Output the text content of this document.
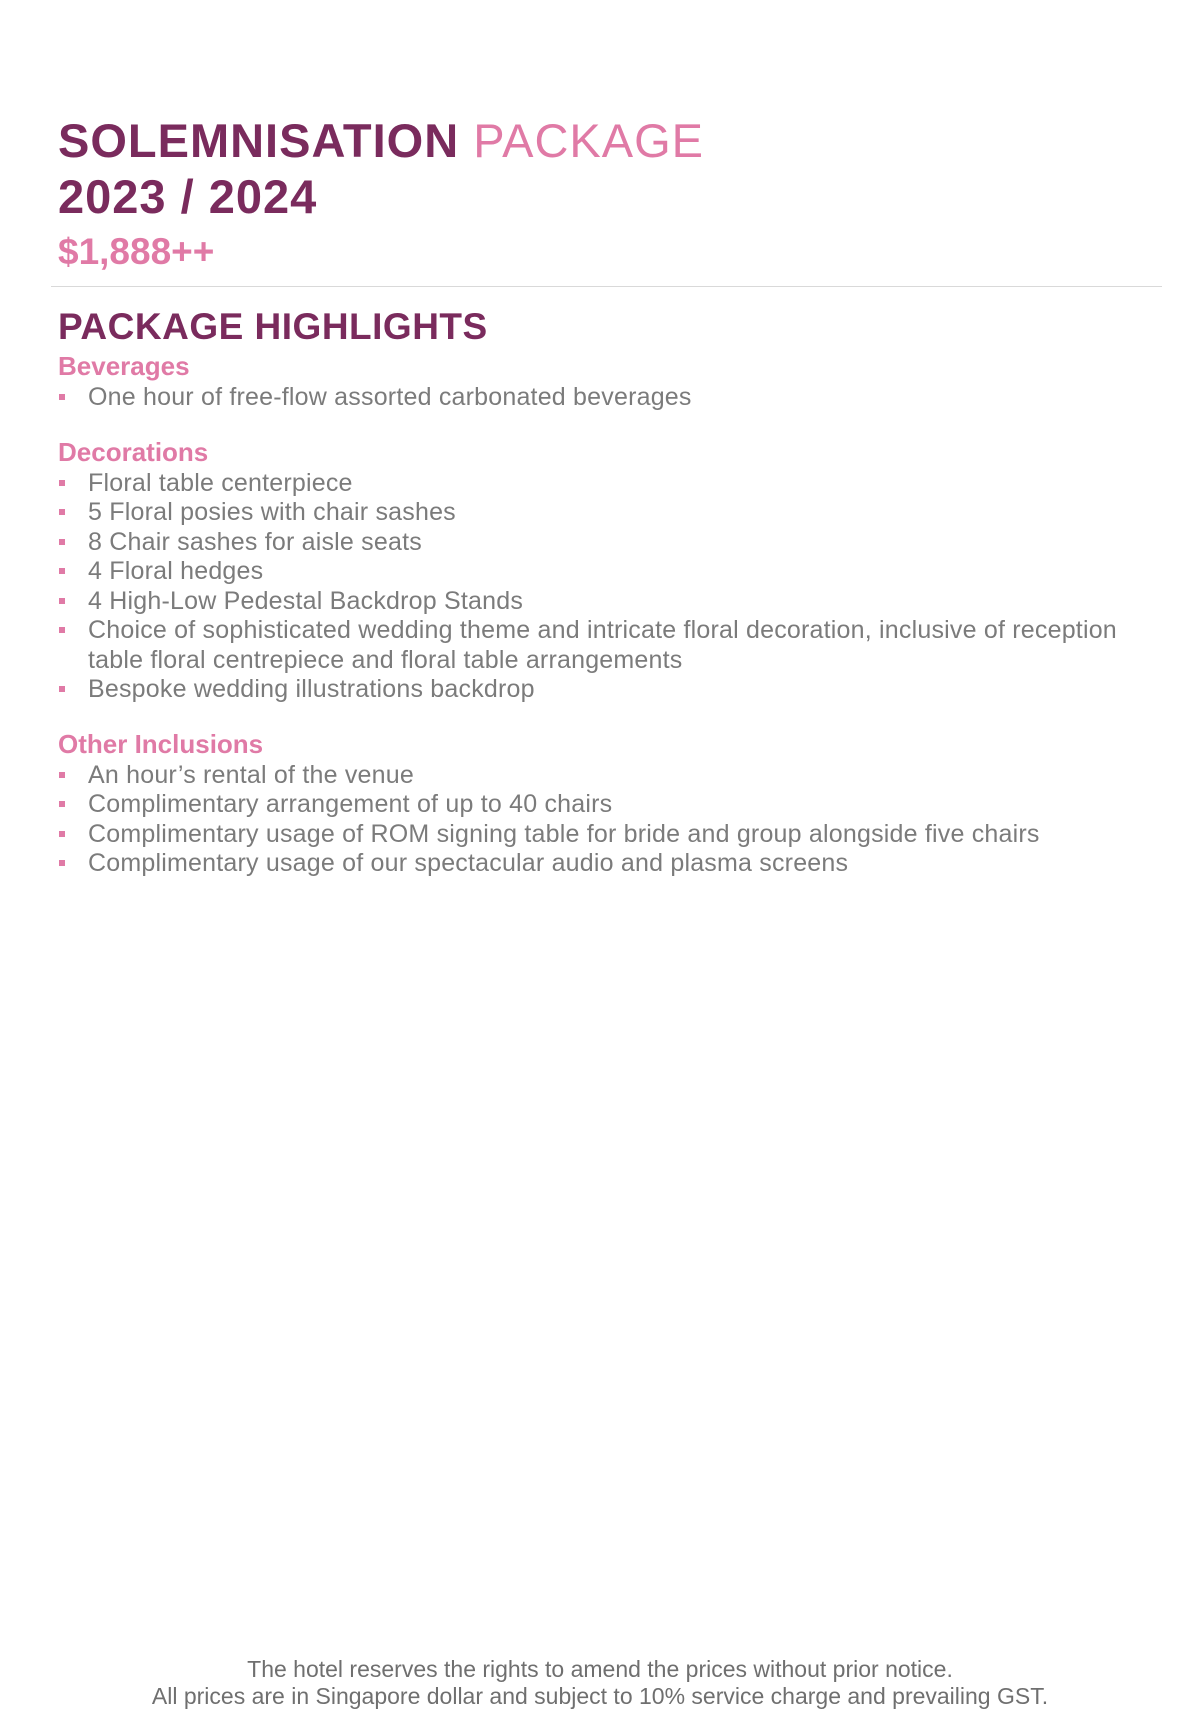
SOLEMNISATION PACKAGE
2023 / 2024
$1,888++
PACKAGE HIGHLIGHTS
Beverages
One hour of free-flow assorted carbonated beverages
Decorations
Floral table centerpiece
5 Floral posies with chair sashes
8 Chair sashes for aisle seats
4 Floral hedges
4 High-Low Pedestal Backdrop Stands
Choice of sophisticated wedding theme and intricate floral decoration, inclusive of reception table floral centrepiece and floral table arrangements
Bespoke wedding illustrations backdrop
Other Inclusions
An hour’s rental of the venue
Complimentary arrangement of up to 40 chairs
Complimentary usage of ROM signing table for bride and group alongside five chairs
Complimentary usage of our spectacular audio and plasma screens
The hotel reserves the rights to amend the prices without prior notice.
All prices are in Singapore dollar and subject to 10% service charge and prevailing GST.
